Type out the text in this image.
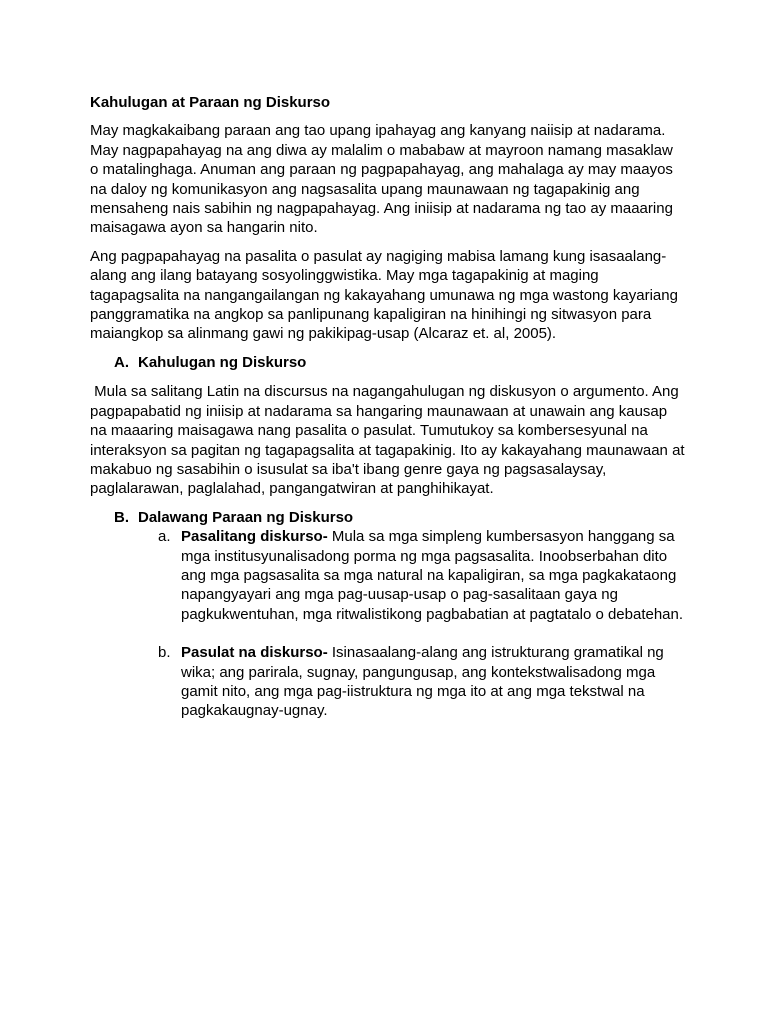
Kahulugan at Paraan ng Diskurso

May magkakaibang paraan ang tao upang ipahayag ang kanyang naiisip at nadarama. May nagpapahayag na ang diwa ay malalim o mababaw at mayroon namang masaklaw o matalinghaga. Anuman ang paraan ng pagpapahayag, ang mahalaga ay may maayos na daloy ng komunikasyon ang nagsasalita upang maunawaan ng tagapakinig ang mensaheng nais sabihin ng nagpapahayag. Ang iniisip at nadarama ng tao ay maaaring maisagawa ayon sa hangarin nito.

Ang pagpapahayag na pasalita o pasulat ay nagiging mabisa lamang kung isasaalang-alang ang ilang batayang sosyolinggwistika. May mga tagapakinig at maging tagapagsalita na nangangailangan ng kakayahang umunawa ng mga wastong kayariang panggramatika na angkop sa panlipunang kapaligiran na hinihingi ng sitwasyon para maiangkop sa alinmang gawi ng pakikipag-usap (Alcaraz et. al, 2005).

A. Kahulugan ng Diskurso

Mula sa salitang Latin na discursus na nagangahulugan ng diskusyon o argumento. Ang pagpapabatid ng iniisip at nadarama sa hangaring maunawaan at unawain ang kausap na maaaring maisagawa nang pasalita o pasulat. Tumutukoy sa kombersesyunal na interaksyon sa pagitan ng tagapagsalita at tagapakinig. Ito ay kakayahang maunawaan at makabuo ng sasabihin o isusulat sa iba't ibang genre gaya ng pagsasalaysay, paglalarawan, paglalahad, pangangatwiran at panghihikayat.

B. Dalawang Paraan ng Diskurso
a. Pasalitang diskurso- Mula sa mga simpleng kumbersasyon hanggang sa mga institusyunalisadong porma ng mga pagsasalita. Inoobserbahan dito ang mga pagsasalita sa mga natural na kapaligiran, sa mga pagkakataong napangyayari ang mga pag-uusap-usap o pag-sasalitaan gaya ng pagkukwentuhan, mga ritwalistikong pagbabatian at pagtatalo o debatehan.
b. Pasulat na diskurso- Isinasaalang-alang ang istrukturang gramatikal ng wika; ang parirala, sugnay, pangungusap, ang kontekstwalisadong mga gamit nito, ang mga pag-iistruktura ng mga ito at ang mga tekstwal na pagkakaugnay-ugnay.
